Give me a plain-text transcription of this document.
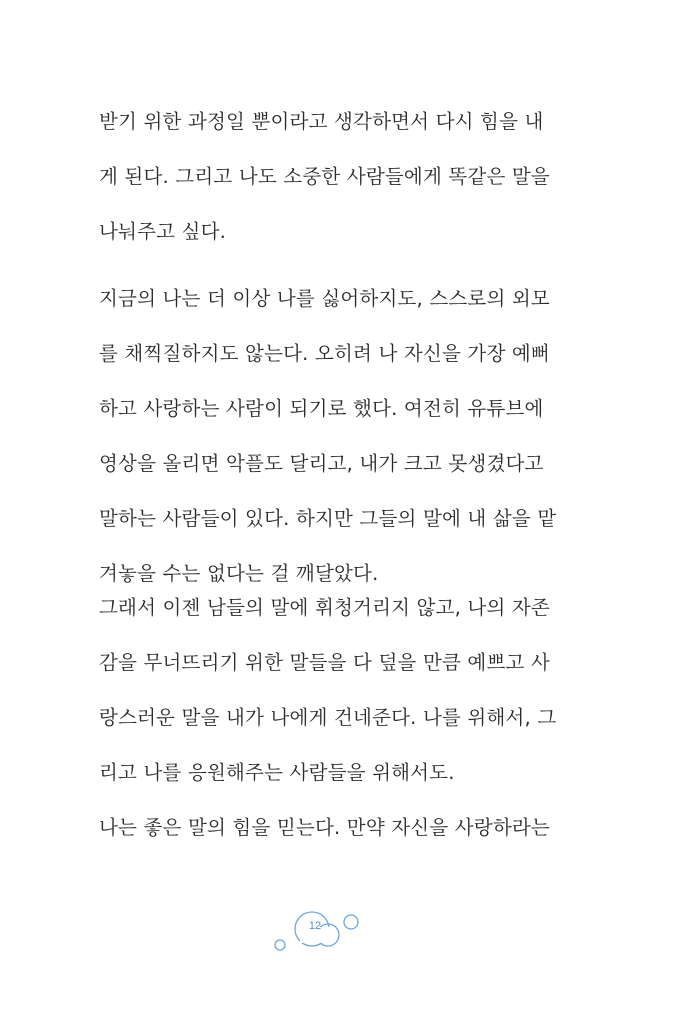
받기 위한 과정일 뿐이라고 생각하면서 다시 힘을 내
게 된다. 그리고 나도 소중한 사람들에게 똑같은 말을
나눠주고 싶다.
지금의 나는 더 이상 나를 싫어하지도, 스스로의 외모
를 채찍질하지도 않는다. 오히려 나 자신을 가장 예뻐
하고 사랑하는 사람이 되기로 했다. 여전히 유튜브에
영상을 올리면 악플도 달리고, 내가 크고 못생겼다고
말하는 사람들이 있다. 하지만 그들의 말에 내 삶을 맡
겨놓을 수는 없다는 걸 깨달았다.
그래서 이젠 남들의 말에 휘청거리지 않고, 나의 자존
감을 무너뜨리기 위한 말들을 다 덮을 만큼 예쁘고 사
랑스러운 말을 내가 나에게 건네준다. 나를 위해서, 그
리고 나를 응원해주는 사람들을 위해서도.
나는 좋은 말의 힘을 믿는다. 만약 자신을 사랑하라는
12
